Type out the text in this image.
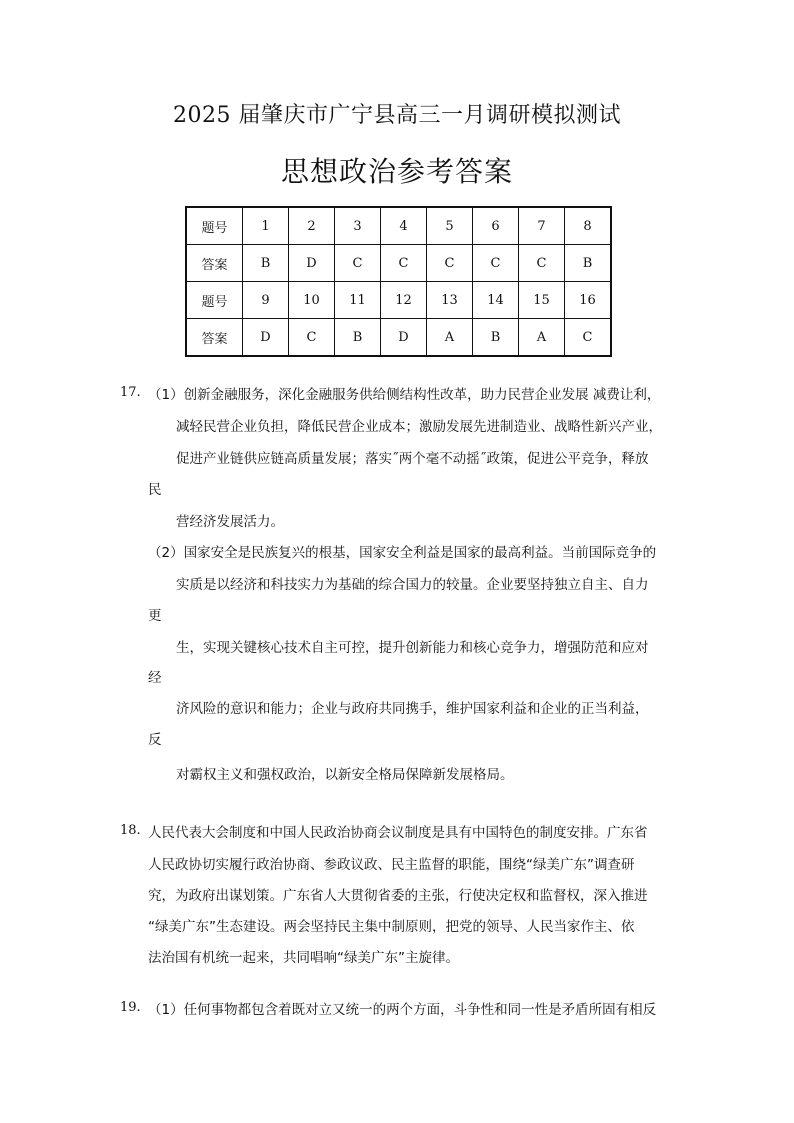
2025 届肇庆市广宁县高三一月调研模拟测试
思想政治参考答案
题号	1	2	3	4	5	6	7	8
答案	B	D	C	C	C	C	C	B
题号	9	10	11	12	13	14	15	16
答案	D	C	B	D	A	B	A	C
17. （1）创新金融服务，深化金融服务供给侧结构性改革，助力民营企业发展 减费让利，
减轻民营企业负担，降低民营企业成本；激励发展先进制造业、战略性新兴产业，
促进产业链供应链高质量发展；落实˝两个毫不动摇˝政策，促进公平竞争，释放
民
营经济发展活力。
（2）国家安全是民族复兴的根基，国家安全利益是国家的最高利益。当前国际竞争的
实质是以经济和科技实力为基础的综合国力的较量。企业要坚持独立自主、自力
更
生，实现关键核心技术自主可控，提升创新能力和核心竞争力，增强防范和应对
经
济风险的意识和能力；企业与政府共同携手，维护国家利益和企业的正当利益，
反
对霸权主义和强权政治，以新安全格局保障新发展格局。
18. 人民代表大会制度和中国人民政治协商会议制度是具有中国特色的制度安排。广东省
人民政协切实履行政治协商、参政议政、民主监督的职能，围绕“绿美广东”调查研
究，为政府出谋划策。广东省人大贯彻省委的主张，行使决定权和监督权，深入推进
“绿美广东”生态建设。两会坚持民主集中制原则，把党的领导、人民当家作主、依
法治国有机统一起来，共同唱响“绿美广东”主旋律。
19. （1）任何事物都包含着既对立又统一的两个方面，斗争性和同一性是矛盾所固有相反
